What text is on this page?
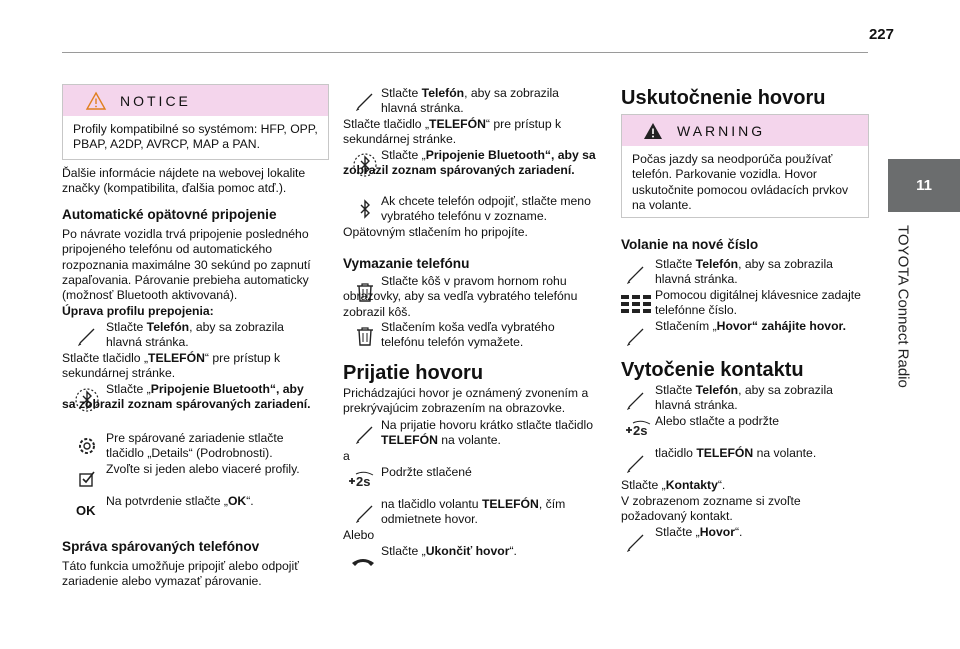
227
11
TOYOTA Connect Radio
NOTICE
Profily kompatibilné so systémom: HFP, OPP, PBAP, A2DP, AVRCP, MAP a PAN.
Ďalšie informácie nájdete na webovej lokalite značky (kompatibilita, ďalšia pomoc atď.).
Automatické opätovné pripojenie
Po návrate vozidla trvá pripojenie posledného pripojeného telefónu od automatického rozpoznania maximálne 30 sekúnd po zapnutí zapaľovania. Párovanie prebieha automaticky (možnosť Bluetooth aktivovaná).
Úprava profilu prepojenia:
Stlačte Telefón, aby sa zobrazila hlavná stránka.
Stlačte tlačidlo „TELEFÓN“ pre prístup k sekundárnej stránke.
Stlačte „Pripojenie Bluetooth“, aby sa zobrazil zoznam spárovaných zariadení.
Pre spárované zariadenie stlačte tlačidlo „Details“ (Podrobnosti).
Zvoľte si jeden alebo viaceré profily.
OK
Na potvrdenie stlačte „OK“.
Správa spárovaných telefónov
Táto funkcia umožňuje pripojiť alebo odpojiť zariadenie alebo vymazať párovanie.
Stlačte Telefón, aby sa zobrazila hlavná stránka.
Stlačte tlačidlo „TELEFÓN“ pre prístup k sekundárnej stránke.
Stlačte „Pripojenie Bluetooth“, aby sa zobrazil zoznam spárovaných zariadení.
Ak chcete telefón odpojiť, stlačte meno vybratého telefónu v zozname.
Opätovným stlačením ho pripojíte.
Vymazanie telefónu
Stlačte kôš v pravom hornom rohu obrazovky, aby sa vedľa vybratého telefónu zobrazil kôš.
Stlačením koša vedľa vybratého telefónu telefón vymažete.
Prijatie hovoru
Prichádzajúci hovor je oznámený zvonením a prekrývajúcim zobrazením na obrazovke.
Na prijatie hovoru krátko stlačte tlačidlo TELEFÓN na volante.
a
2s
Podržte stlačené
na tlačidlo volantu TELEFÓN, čím odmietnete hovor.
Alebo
Stlačte „Ukončiť hovor“.
Uskutočnenie hovoru
WARNING
Počas jazdy sa neodporúča používať telefón. Parkovanie vozidla. Hovor uskutočnite pomocou ovládacích prvkov na volante.
Volanie na nové číslo
Stlačte Telefón, aby sa zobrazila hlavná stránka.
Pomocou digitálnej klávesnice zadajte telefónne číslo.
Stlačením „Hovor“ zahájite hovor.
Vytočenie kontaktu
Stlačte Telefón, aby sa zobrazila hlavná stránka.
2s
Alebo stlačte a podržte
tlačidlo TELEFÓN na volante.
Stlačte „Kontakty“.
V zobrazenom zozname si zvoľte požadovaný kontakt.
Stlačte „Hovor“.
